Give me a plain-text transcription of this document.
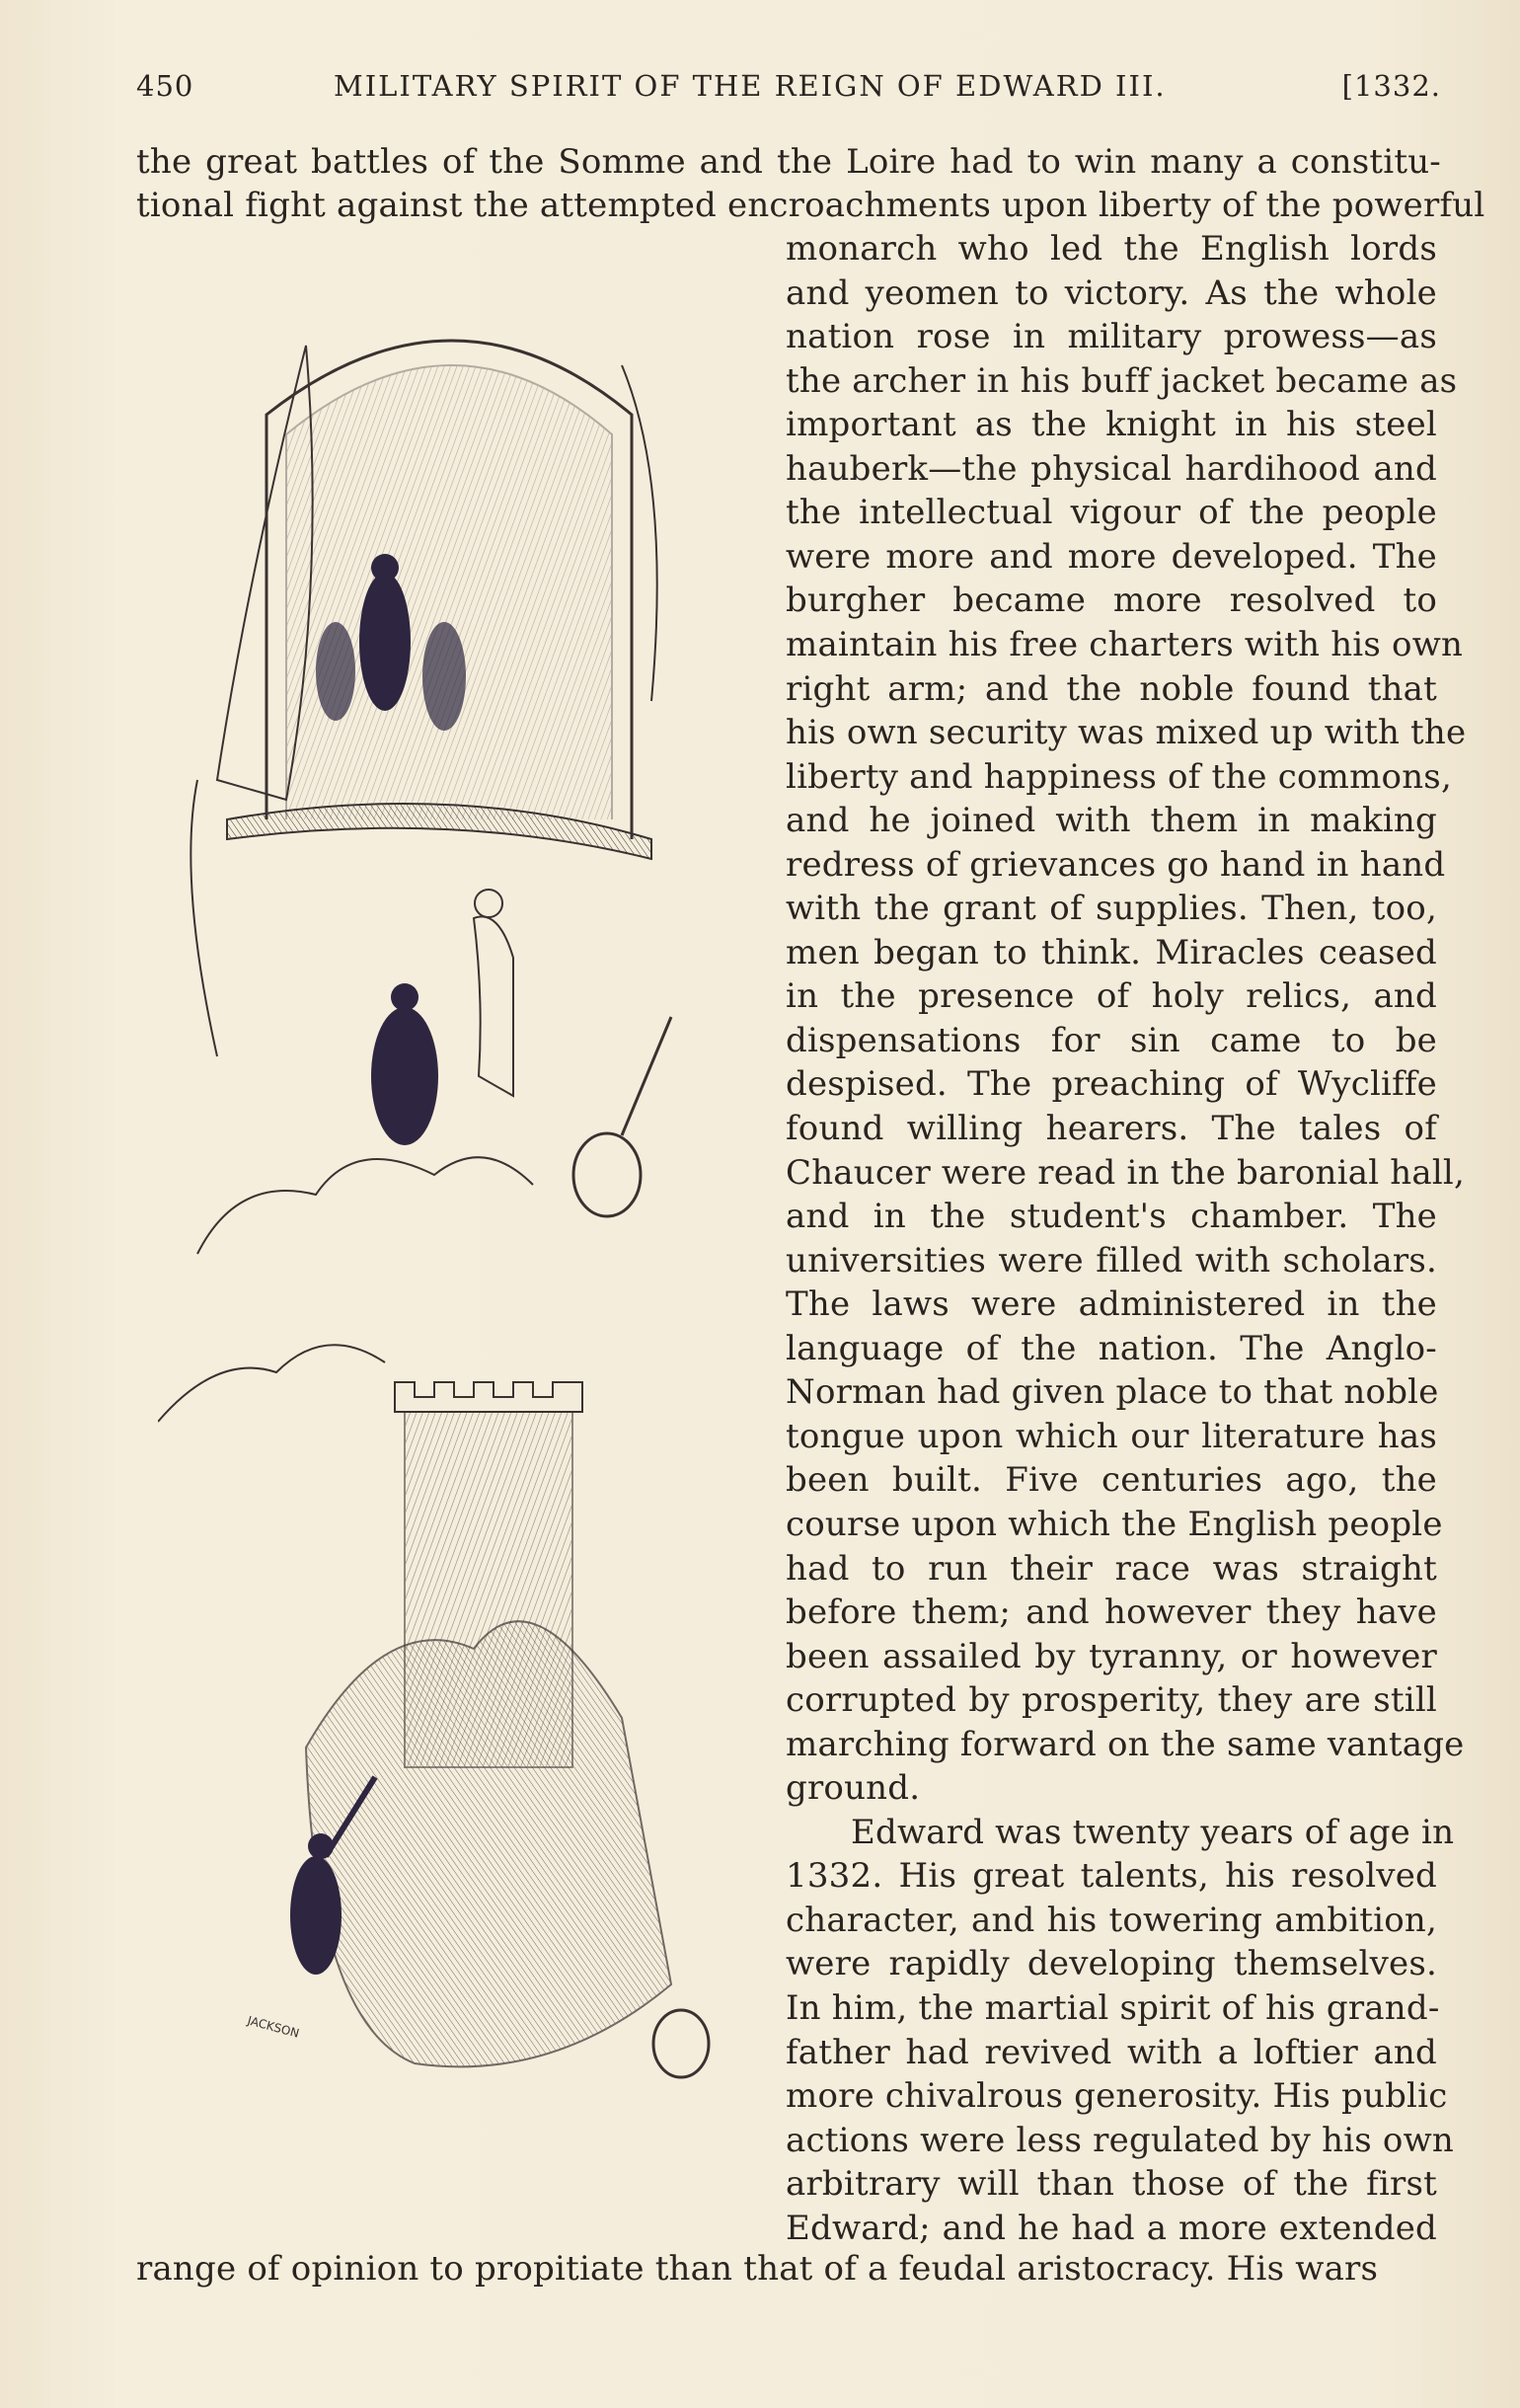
450	MILITARY SPIRIT OF THE REIGN OF EDWARD III.	[1332.
the great battles of the Somme and the Loire had to win many a constitu-
tional fight against the attempted encroachments upon liberty of the powerful
monarch who led the English lords
and yeomen to victory. As the whole
nation rose in military prowess—as
the archer in his buff jacket became as
important as the knight in his steel
hauberk—the physical hardihood and
the intellectual vigour of the people
were more and more developed. The
burgher became more resolved to
maintain his free charters with his own
right arm; and the noble found that
his own security was mixed up with the
liberty and happiness of the commons,
and he joined with them in making
redress of grievances go hand in hand
with the grant of supplies. Then, too,
men began to think. Miracles ceased
in the presence of holy relics, and
dispensations for sin came to be
despised. The preaching of Wycliffe
found willing hearers. The tales of
Chaucer were read in the baronial hall,
and in the student's chamber. The
universities were filled with scholars.
The laws were administered in the
language of the nation. The Anglo-
Norman had given place to that noble
tongue upon which our literature has
been built. Five centuries ago, the
course upon which the English people
had to run their race was straight
before them; and however they have
been assailed by tyranny, or however
corrupted by prosperity, they are still
marching forward on the same vantage
ground.
Edward was twenty years of age in
1332. His great talents, his resolved
character, and his towering ambition,
were rapidly developing themselves.
In him, the martial spirit of his grand-
father had revived with a loftier and
more chivalrous generosity. His public
actions were less regulated by his own
arbitrary will than those of the first
Edward; and he had a more extended
range of opinion to propitiate than that of a feudal aristocracy. His wars
JACKSON
